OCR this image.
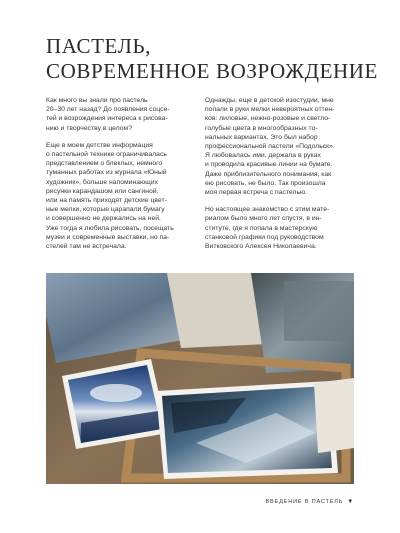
ПАСТЕЛЬ,
СОВРЕМЕННОЕ ВОЗРОЖДЕНИЕ

Как много вы знали про пастель
20–30 лет назад? До появления соцсе-
тей и возрождения интереса к рисова-
нию и творчеству в целом?

Еще в моем детстве информация
о пастельной технике ограничивалась
представлением о блеклых, немного
туманных работах из журнала «Юный
художник», больше напоминающих
рисунки карандашом или сангиной,
или на память приходят детские цвет-
ные мелки, которые царапали бумагу
и совершенно не держались на ней.
Уже тогда я любила рисовать, посещать
музеи и современные выставки, но па-
стелей там не встречала.

Однажды, еще в детской изостудии, мне
попали в руки мелки невероятных оттен-
ков: лиловые, нежно-розовые и светло-
голубые цвета в многообразных то-
нальных вариантах. Это был набор
профессиональной пастели «Подольск».
Я любовалась ими, держала в руках
и проводила красивые линии на бумаге.
Даже приблизительного понимания, как
ею рисовать, не было. Так произошла
моя первая встреча с пастелью.

Но настоящее знакомство с этим мате-
риалом было много лет спустя, в ин-
ституте, где я попала в мастерскую
станковой графики под руководством
Витковского Алексея Николаевича.

ВВЕДЕНИЕ В ПАСТЕЛЬ ▼
